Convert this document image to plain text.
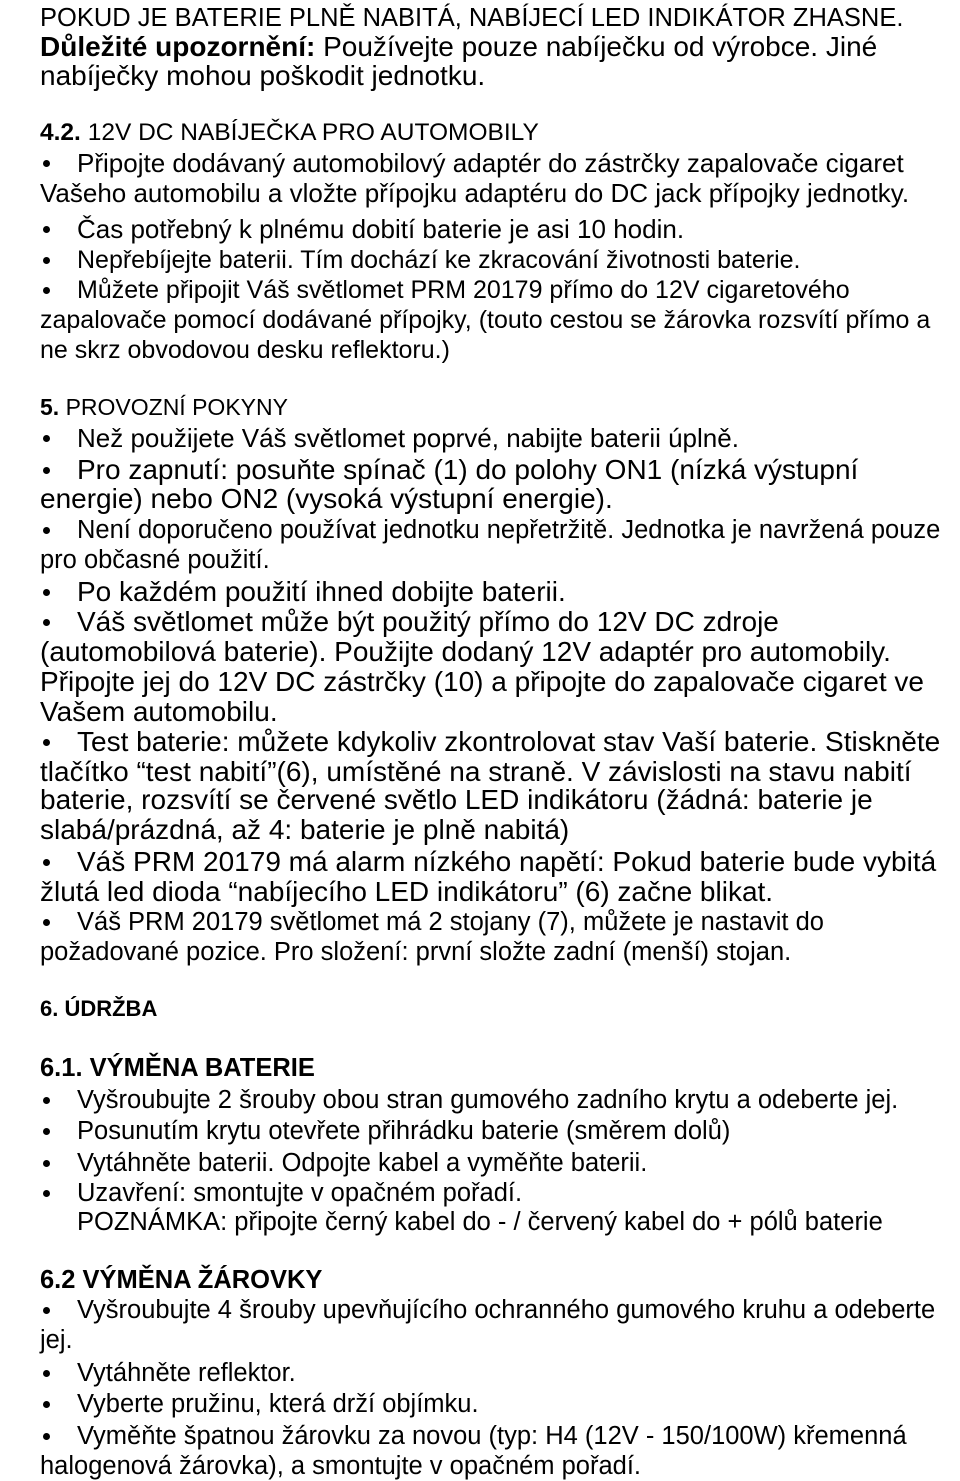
POKUD JE BATERIE PLNĚ NABITÁ, NABÍJECÍ LED INDIKÁTOR ZHASNE.
Důležité upozornění: Používejte pouze nabíječku od výrobce. Jiné
nabíječky mohou poškodit jednotku.
4.2. 12V DC NABÍJEČKA PRO AUTOMOBILY
Připojte dodávaný automobilový adaptér do zástrčky zapalovače cigaret
Vašeho automobilu a vložte přípojku adaptéru do DC jack přípojky jednotky.
Čas potřebný k plnému dobití baterie je asi 10 hodin.
Nepřebíjejte baterii. Tím dochází ke zkracování životnosti baterie.
Můžete připojit Váš světlomet PRM 20179 přímo do 12V cigaretového
zapalovače pomocí dodávané přípojky, (touto cestou se žárovka rozsvítí přímo a
ne skrz obvodovou desku reflektoru.)
5. PROVOZNÍ POKYNY
Než použijete Váš světlomet poprvé, nabijte baterii úplně.
Pro zapnutí: posuňte spínač (1) do polohy ON1 (nízká výstupní
energie) nebo ON2 (vysoká výstupní energie).
Není doporučeno používat jednotku nepřetržitě. Jednotka je navržená pouze
pro občasné použití.
Po každém použití ihned dobijte baterii.
Váš světlomet může být použitý přímo do 12V DC zdroje
(automobilová baterie). Použijte dodaný 12V adaptér pro automobily.
Připojte jej do 12V DC zástrčky (10) a připojte do zapalovače cigaret ve
Vašem automobilu.
Test baterie: můžete kdykoliv zkontrolovat stav Vaší baterie. Stiskněte
tlačítko “test nabití”(6), umístěné na straně. V závislosti na stavu nabití
baterie, rozsvítí se červené světlo LED indikátoru (žádná: baterie je
slabá/prázdná, až 4: baterie je plně nabitá)
Váš PRM 20179 má alarm nízkého napětí: Pokud baterie bude vybitá
žlutá led dioda “nabíjecího LED indikátoru” (6) začne blikat.
Váš PRM 20179 světlomet má 2 stojany (7), můžete je nastavit do
požadované pozice. Pro složení: první složte zadní (menší) stojan.
6. ÚDRŽBA
6.1. VÝMĚNA BATERIE
Vyšroubujte 2 šrouby obou stran gumového zadního krytu a odeberte jej.
Posunutím krytu otevřete přihrádku baterie (směrem dolů)
Vytáhněte baterii. Odpojte kabel a vyměňte baterii.
Uzavření: smontujte v opačném pořadí.
POZNÁMKA: připojte černý kabel do - / červený kabel do + pólů baterie
6.2 VÝMĚNA ŽÁROVKY
Vyšroubujte 4 šrouby upevňujícího ochranného gumového kruhu a odeberte
jej.
Vytáhněte reflektor.
Vyberte pružinu, která drží objímku.
Vyměňte špatnou žárovku za novou (typ: H4 (12V - 150/100W) křemenná
halogenová žárovka), a smontujte v opačném pořadí.
